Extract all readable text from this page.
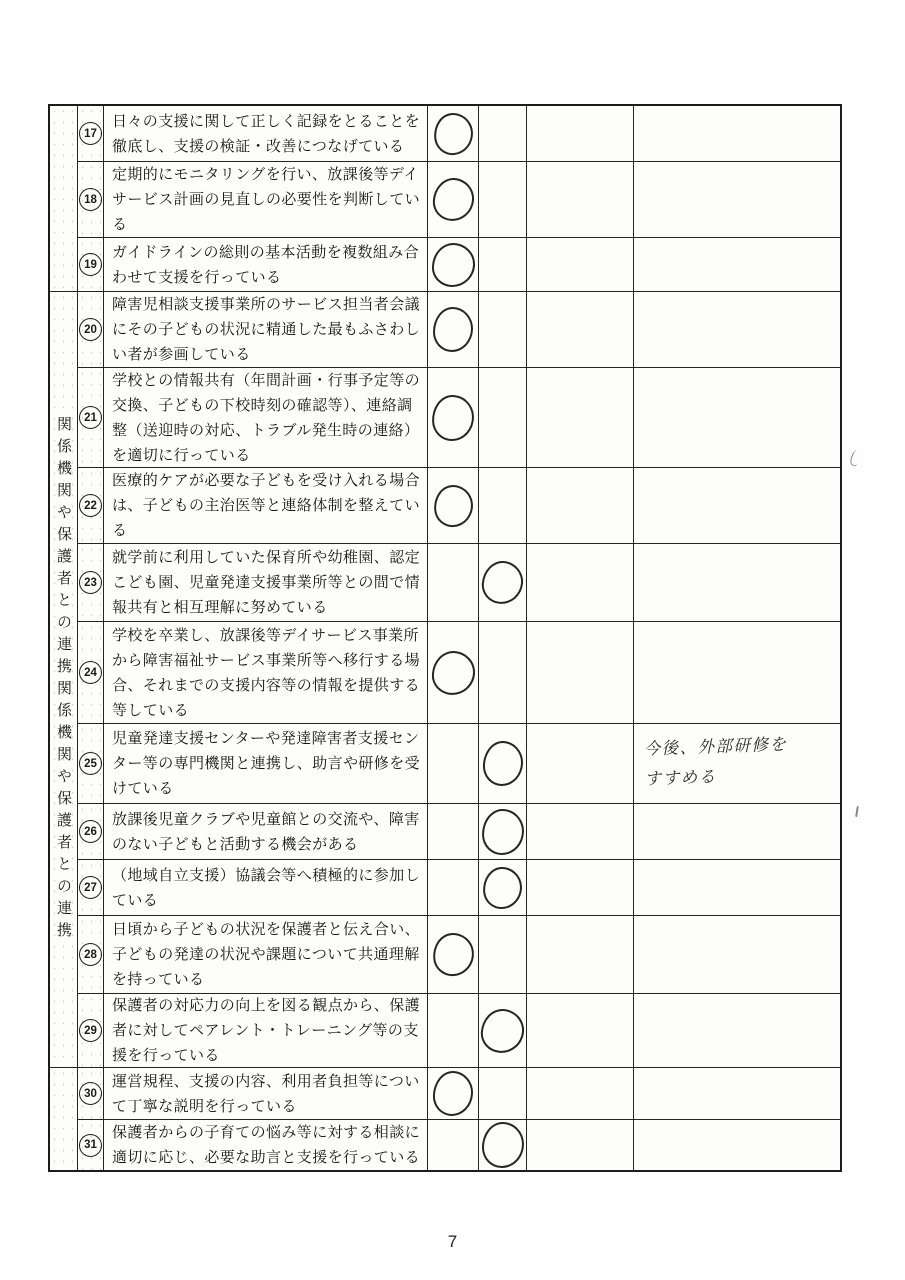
関係機関や保護者との連携関係機関や保護者との連携
17
日々の支援に関して正しく記録をとることを
徹底し、支援の検証・改善につなげている
18
定期的にモニタリングを行い、放課後等デイ
サービス計画の見直しの必要性を判断してい
る
19
ガイドラインの総則の基本活動を複数組み合
わせて支援を行っている
20
障害児相談支援事業所のサービス担当者会議
にその子どもの状況に精通した最もふさわし
い者が参画している
21
学校との情報共有（年間計画・行事予定等の
交換、子どもの下校時刻の確認等）、連絡調
整（送迎時の対応、トラブル発生時の連絡）
を適切に行っている
22
医療的ケアが必要な子どもを受け入れる場合
は、子どもの主治医等と連絡体制を整えてい
る
23
就学前に利用していた保育所や幼稚園、認定
こども園、児童発達支援事業所等との間で情
報共有と相互理解に努めている
24
学校を卒業し、放課後等デイサービス事業所
から障害福祉サービス事業所等へ移行する場
合、それまでの支援内容等の情報を提供する
等している
25
児童発達支援センターや発達障害者支援セン
ター等の専門機関と連携し、助言や研修を受
けている
今後、外部研修を
すすめる
26
放課後児童クラブや児童館との交流や、障害
のない子どもと活動する機会がある
27
（地域自立支援）協議会等へ積極的に参加し
ている
28
日頃から子どもの状況を保護者と伝え合い、
子どもの発達の状況や課題について共通理解
を持っている
29
保護者の対応力の向上を図る観点から、保護
者に対してペアレント・トレーニング等の支
援を行っている
30
運営規程、支援の内容、利用者負担等につい
て丁寧な説明を行っている
31
保護者からの子育ての悩み等に対する相談に
適切に応じ、必要な助言と支援を行っている
7
